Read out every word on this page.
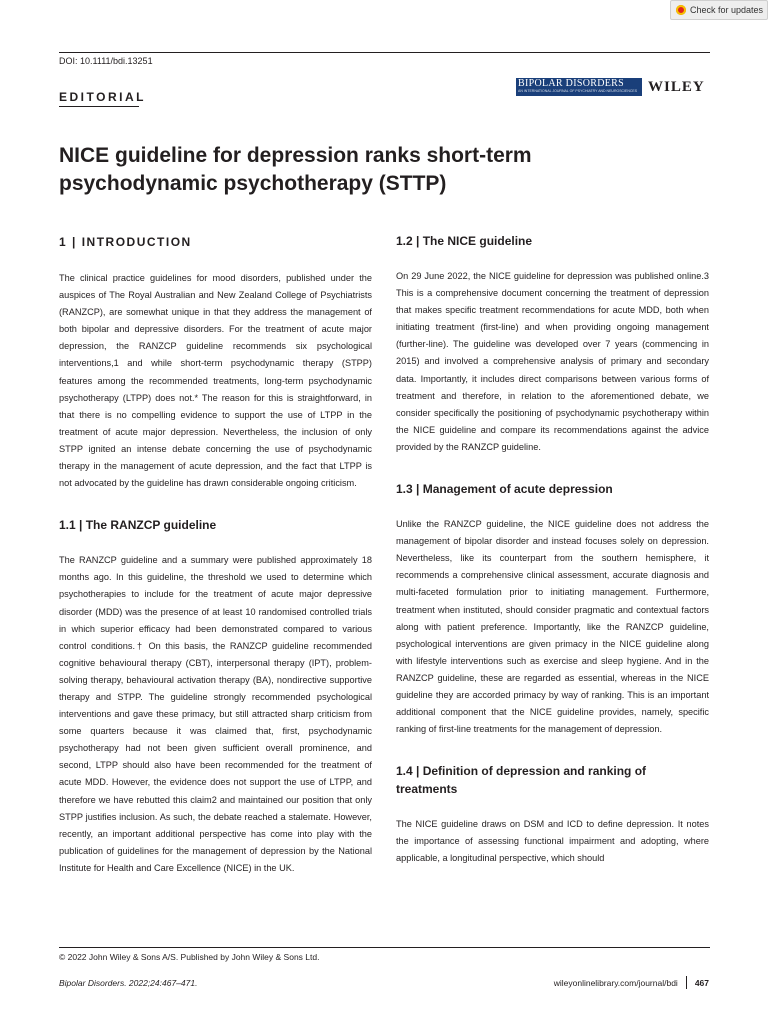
Check for updates
DOI: 10.1111/bdi.13251
EDITORIAL
BIPOLAR DISORDERS
AN INTERNATIONAL JOURNAL OF PSYCHIATRY AND NEUROSCIENCES WILEY
NICE guideline for depression ranks short-term psychodynamic psychotherapy (STTP)
1 | INTRODUCTION

The clinical practice guidelines for mood disorders, published under the auspices of The Royal Australian and New Zealand College of Psychiatrists (RANZCP), are somewhat unique in that they address the management of both bipolar and depressive disorders. For the treatment of acute major depression, the RANZCP guideline recommends six psychological interventions,1 and while short-term psychodynamic therapy (STPP) features among the recommended treatments, long-term psychodynamic psychotherapy (LTPP) does not.* The reason for this is straightforward, in that there is no compelling evidence to support the use of LTPP in the treatment of acute major depression. Nevertheless, the inclusion of only STPP ignited an intense debate concerning the use of psychodynamic therapy in the management of acute depression, and the fact that LTPP is not advocated by the guideline has drawn considerable ongoing criticism.

1.1 | The RANZCP guideline

The RANZCP guideline and a summary were published approximately 18 months ago. In this guideline, the threshold we used to determine which psychotherapies to include for the treatment of acute major depressive disorder (MDD) was the presence of at least 10 randomised controlled trials in which superior efficacy had been demonstrated compared to various control conditions.† On this basis, the RANZCP guideline recommended cognitive behavioural therapy (CBT), interpersonal therapy (IPT), problem-solving therapy, behavioural activation therapy (BA), nondirective supportive therapy and STPP. The guideline strongly recommended psychological interventions and gave these primacy, but still attracted sharp criticism from some quarters because it was claimed that, first, psychodynamic psychotherapy had not been given sufficient overall prominence, and second, LTPP should also have been recommended for the treatment of acute MDD. However, the evidence does not support the use of LTPP, and therefore we have rebutted this claim2 and maintained our position that only STPP justifies inclusion. As such, the debate reached a stalemate. However, recently, an important additional perspective has come into play with the publication of guidelines for the management of depression by the National Institute for Health and Care Excellence (NICE) in the UK.

1.2 | The NICE guideline

On 29 June 2022, the NICE guideline for depression was published online.3 This is a comprehensive document concerning the treatment of depression that makes specific treatment recommendations for acute MDD, both when initiating treatment (first-line) and when providing ongoing management (further-line). The guideline was developed over 7 years (commencing in 2015) and involved a comprehensive analysis of primary and secondary data. Importantly, it includes direct comparisons between various forms of treatment and therefore, in relation to the aforementioned debate, we consider specifically the positioning of psychodynamic psychotherapy within the NICE guideline and compare its recommendations against the advice provided by the RANZCP guideline.

1.3 | Management of acute depression

Unlike the RANZCP guideline, the NICE guideline does not address the management of bipolar disorder and instead focuses solely on depression. Nevertheless, like its counterpart from the southern hemisphere, it recommends a comprehensive clinical assessment, accurate diagnosis and multi-faceted formulation prior to initiating management. Furthermore, treatment when instituted, should consider pragmatic and contextual factors along with patient preference. Importantly, like the RANZCP guideline, psychological interventions are given primacy in the NICE guideline along with lifestyle interventions such as exercise and sleep hygiene. And in the RANZCP guideline, these are regarded as essential, whereas in the NICE guideline they are accorded primacy by way of ranking. This is an important additional component that the NICE guideline provides, namely, specific ranking of first-line treatments for the management of depression.

1.4 | Definition of depression and ranking of treatments

The NICE guideline draws on DSM and ICD to define depression. It notes the importance of assessing functional impairment and adopting, where applicable, a longitudinal perspective, which should

© 2022 John Wiley & Sons A/S. Published by John Wiley & Sons Ltd.
Bipolar Disorders. 2022;24:467–471.	wileyonlinelibrary.com/journal/bdi 467
